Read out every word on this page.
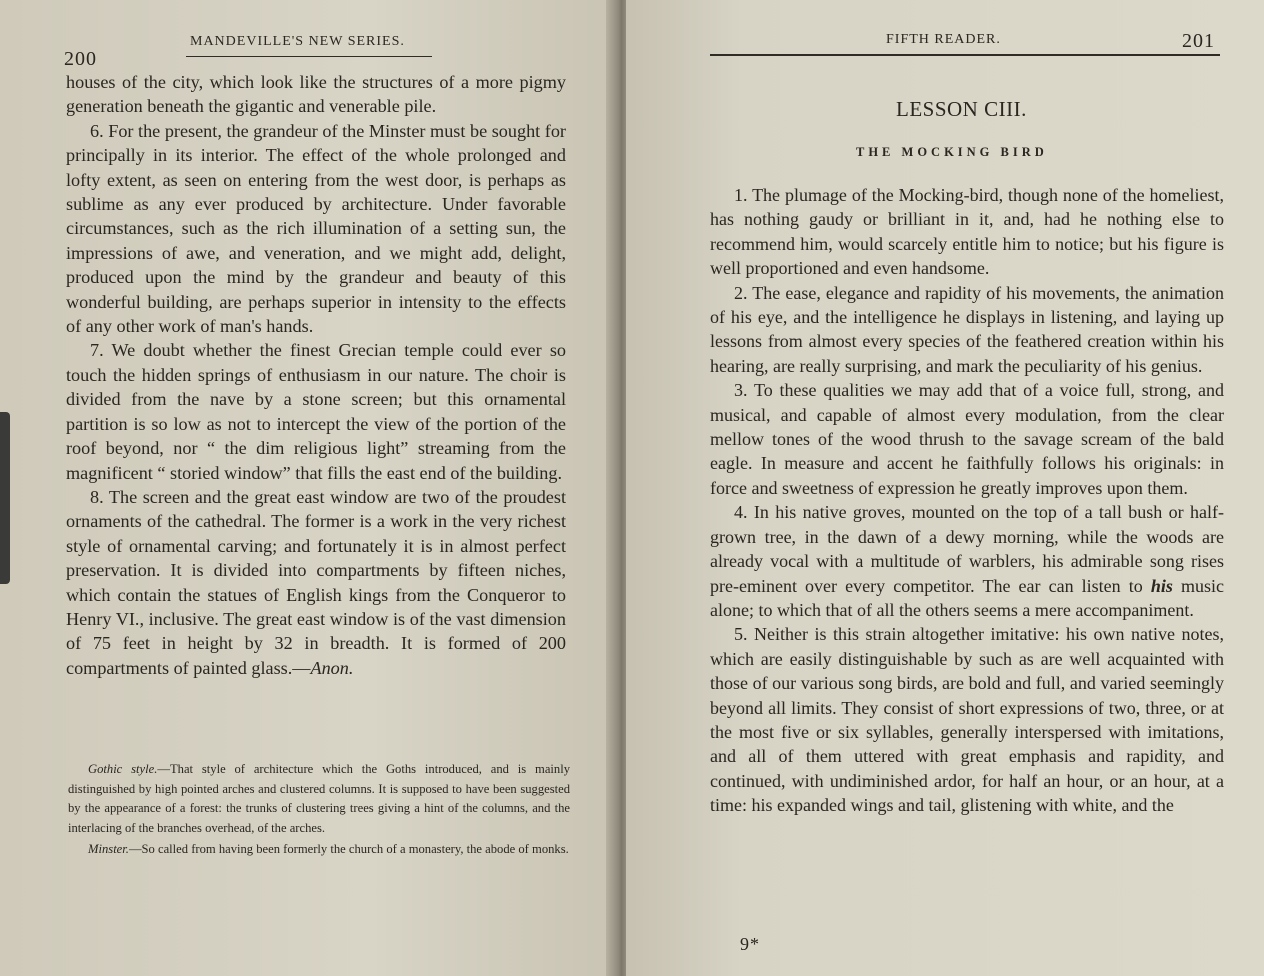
200
MANDEVILLE'S NEW SERIES.

houses of the city, which look like the structures of a more pigmy generation beneath the gigantic and venerable pile.

6. For the present, the grandeur of the Minster must be sought for principally in its interior. The effect of the whole prolonged and lofty extent, as seen on entering from the west door, is perhaps as sublime as any ever produced by architecture. Under favorable circumstances, such as the rich illumination of a setting sun, the impressions of awe, and veneration, and we might add, delight, produced upon the mind by the grandeur and beauty of this wonderful building, are perhaps superior in intensity to the effects of any other work of man's hands.

7. We doubt whether the finest Grecian temple could ever so touch the hidden springs of enthusiasm in our nature. The choir is divided from the nave by a stone screen; but this ornamental partition is so low as not to intercept the view of the portion of the roof beyond, nor “ the dim religious light” streaming from the magnificent “ storied window” that fills the east end of the building.

8. The screen and the great east window are two of the proudest ornaments of the cathedral. The former is a work in the very richest style of ornamental carving; and fortunately it is in almost perfect preservation. It is divided into compartments by fifteen niches, which contain the statues of English kings from the Conqueror to Henry VI., inclusive. The great east window is of the vast dimension of 75 feet in height by 32 in breadth. It is formed of 200 compartments of painted glass.—Anon.

Gothic style.—That style of architecture which the Goths introduced, and is mainly distinguished by high pointed arches and clustered columns. It is supposed to have been suggested by the appearance of a forest: the trunks of clustering trees giving a hint of the columns, and the interlacing of the branches overhead, of the arches.

Minster.—So called from having been formerly the church of a monastery, the abode of monks.

FIFTH READER.	201
LESSON CIII.
THE MOCKING BIRD

1. The plumage of the Mocking-bird, though none of the homeliest, has nothing gaudy or brilliant in it, and, had he nothing else to recommend him, would scarcely entitle him to notice; but his figure is well proportioned and even handsome.

2. The ease, elegance and rapidity of his movements, the animation of his eye, and the intelligence he displays in listening, and laying up lessons from almost every species of the feathered creation within his hearing, are really surprising, and mark the peculiarity of his genius.

3. To these qualities we may add that of a voice full, strong, and musical, and capable of almost every modulation, from the clear mellow tones of the wood thrush to the savage scream of the bald eagle. In measure and accent he faithfully follows his originals: in force and sweetness of expression he greatly improves upon them.

4. In his native groves, mounted on the top of a tall bush or half-grown tree, in the dawn of a dewy morning, while the woods are already vocal with a multitude of warblers, his admirable song rises pre-eminent over every competitor. The ear can listen to his music alone; to which that of all the others seems a mere accompaniment.

5. Neither is this strain altogether imitative: his own native notes, which are easily distinguishable by such as are well acquainted with those of our various song birds, are bold and full, and varied seemingly beyond all limits. They consist of short expressions of two, three, or at the most five or six syllables, generally interspersed with imitations, and all of them uttered with great emphasis and rapidity, and continued, with undiminished ardor, for half an hour, or an hour, at a time: his expanded wings and tail, glistening with white, and the

9*
